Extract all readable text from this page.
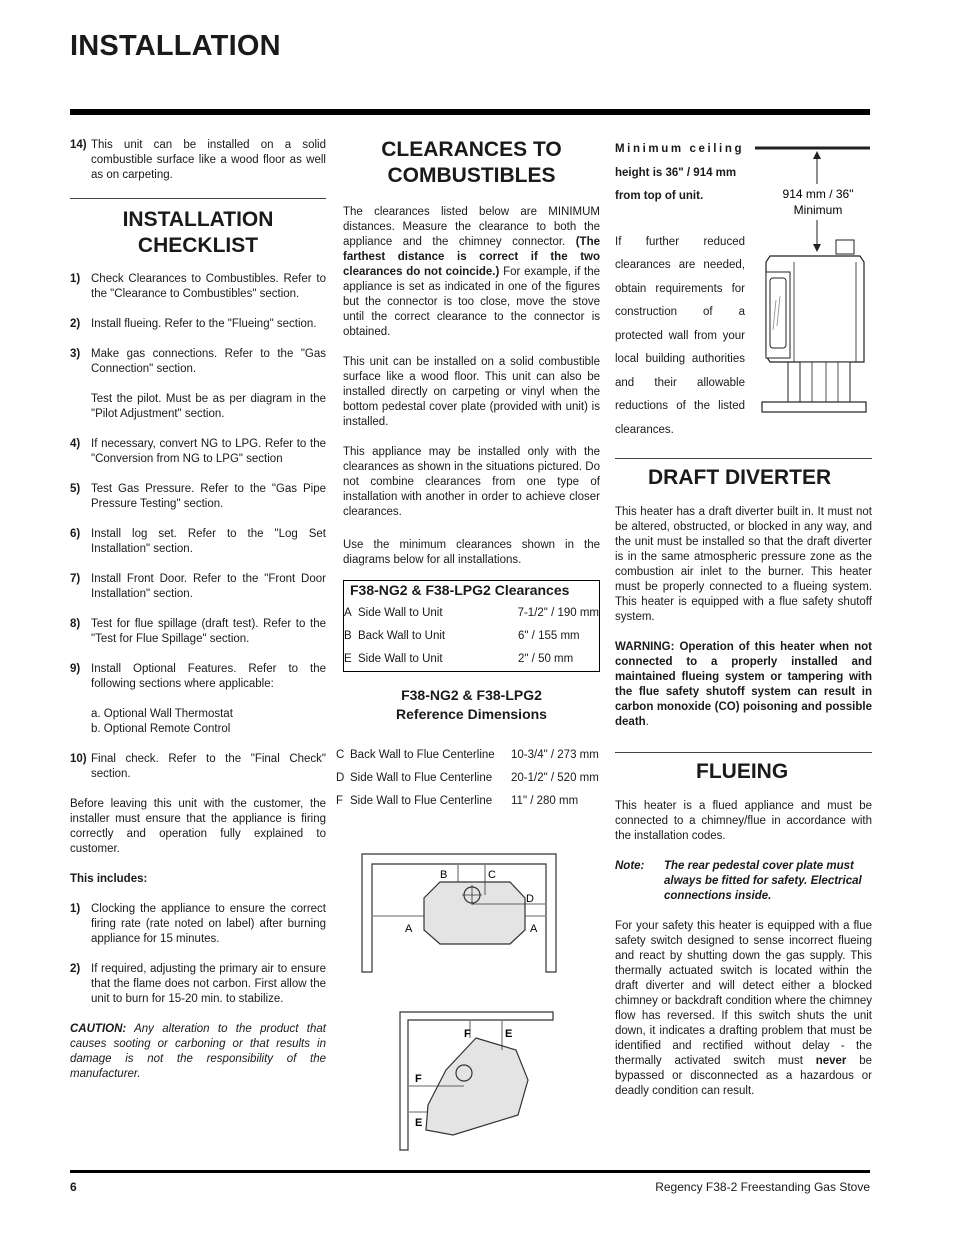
INSTALLATION
14) This unit can be installed on a solid combustible surface like a wood floor as well as on carpeting.
INSTALLATION
CHECKLIST
1) Check Clearances to Combustibles. Refer to the "Clearance to Combustibles" section.
2) Install flueing. Refer to the "Flueing" section.
3) Make gas connections. Refer to the "Gas Connection" section.

Test the pilot. Must be as per diagram in the "Pilot Adjustment" section.

4) If necessary, convert NG to LPG. Refer to the "Conversion from NG to LPG" section
5) Test Gas Pressure. Refer to the "Gas Pipe Pressure Testing" section.
6) Install log set. Refer to the "Log Set Installation" section.
7) Install Front Door. Refer to the "Front Door Installation" section.
8) Test for flue spillage (draft test). Refer to the "Test for Flue Spillage" section.
9) Install Optional Features. Refer to the following sections where applicable:
a. Optional Wall Thermostat
b. Optional Remote Control
10) Final check. Refer to the "Final Check" section.

Before leaving this unit with the customer, the installer must ensure that the appliance is firing correctly and operation fully explained to customer.

This includes:

1) Clocking the appliance to ensure the correct firing rate (rate noted on label) after burning appliance for 15 minutes.
2) If required, adjusting the primary air to ensure that the flame does not carbon. First allow the unit to burn for 15-20 min. to stabilize.

CAUTION: Any alteration to the product that causes sooting or carboning or that results in damage is not the responsibility of the manufacturer.

CLEARANCES TO
COMBUSTIBLES

The clearances listed below are MINIMUM distances. Measure the clearance to both the appliance and the chimney connector. (The farthest distance is correct if the two clearances do not coincide.) For example, if the appliance is set as indicated in one of the figures but the connector is too close, move the stove until the correct clearance to the connector is obtained.

This unit can be installed on a solid combustible surface like a wood floor. This unit can also be installed directly on carpeting or vinyl when the bottom pedestal cover plate (provided with unit) is installed.

This appliance may be installed only with the clearances as shown in the situations pictured. Do not combine clearances from one type of installation with another in order to achieve closer clearances.

Use the minimum clearances shown in the diagrams below for all installations.

F38-NG2 & F38-LPG2 Clearances
A Side Wall to Unit	7-1/2" / 190 mm
B Back Wall to Unit	6" / 155 mm
E Side Wall to Unit	2" / 50 mm
F38-NG2 & F38-LPG2
Reference Dimensions
C Back Wall to Flue Centerline	10-3/4" / 273 mm
D Side Wall to Flue Centerline	20-1/2" / 520 mm
F Side Wall to Flue Centerline	11" / 280 mm
B	C
D
A	A
F	E
F
E
Minimum ceiling
height is 36" / 914 mm
from top of unit.

If further reduced clearances are needed, obtain requirements for construction of a protected wall from your local building authorities and their allowable reductions of the listed clearances.

DRAFT DIVERTER

This heater has a draft diverter built in. It must not be altered, obstructed, or blocked in any way, and the unit must be installed so that the draft diverter is in the same atmospheric pressure zone as the combustion air inlet to the burner. This heater must be properly connected to a flueing system. This heater is equipped with a flue safety shutoff system.

WARNING: Operation of this heater when not connected to a properly installed and maintained flueing system or tampering with the flue safety shutoff system can result in carbon monoxide (CO) poisoning and possible death.

FLUEING

This heater is a flued appliance and must be connected to a chimney/flue in accordance with the installation codes.

Note:	The rear pedestal cover plate must always be fitted for safety. Electrical connections inside.

For your safety this heater is equipped with a flue safety switch designed to sense incorrect flueing and react by shutting down the gas supply. This thermally actuated switch is located within the draft diverter and will detect either a blocked chimney or backdraft condition where the chimney flow has reversed. If this switch shuts the unit down, it indicates a drafting problem that must be identified and rectified without delay - the thermally activated switch must never be bypassed or disconnected as a hazardous or deadly condition can result.

914 mm / 36"
Minimum
6	Regency F38-2 Freestanding Gas Stove
